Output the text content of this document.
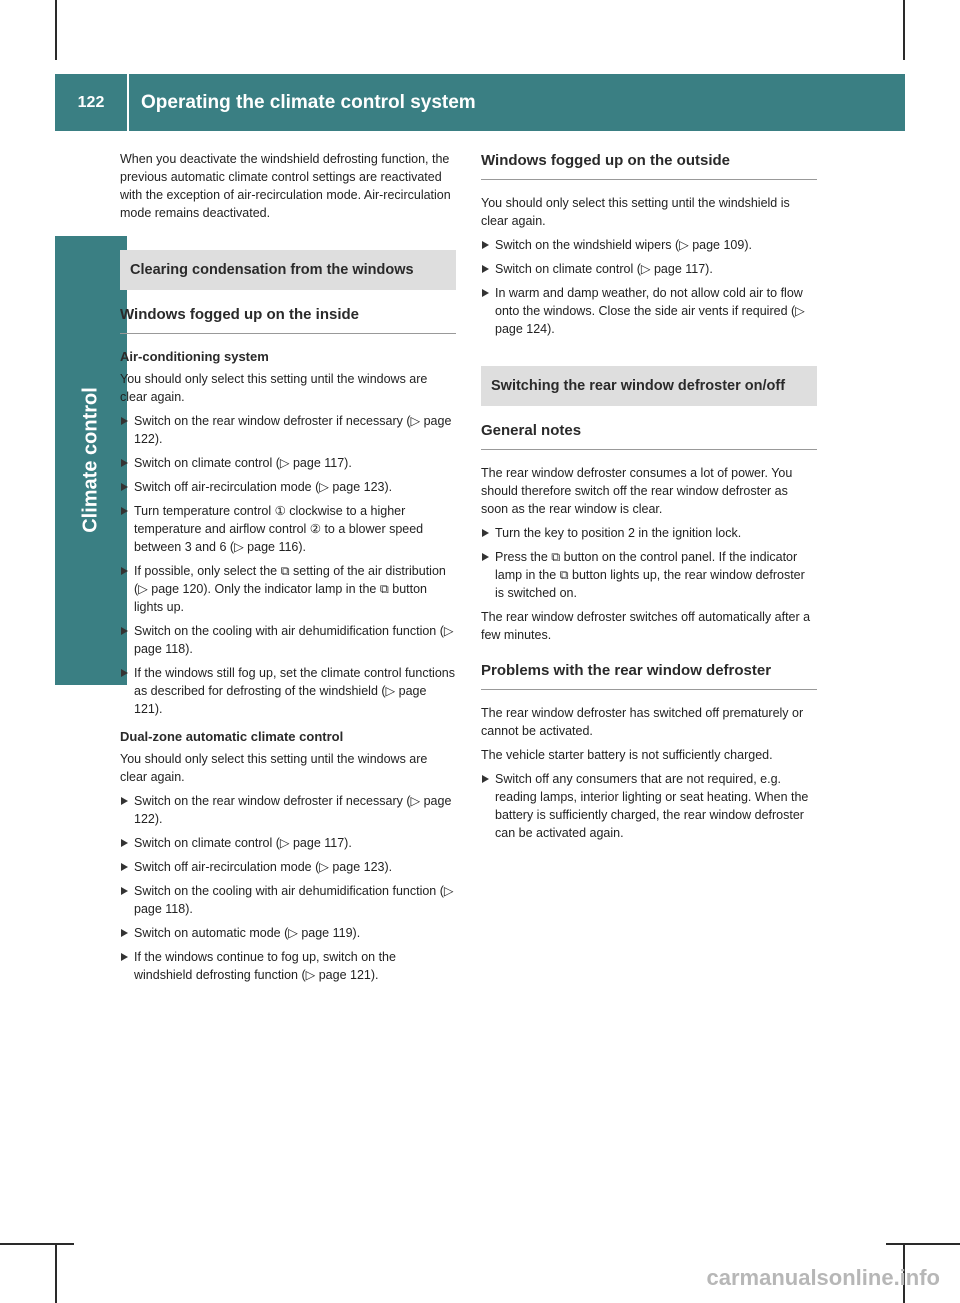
122	Operating the climate control system
Climate control

When you deactivate the windshield defrosting function, the previous automatic climate control settings are reactivated with the exception of air-recirculation mode. Air-recirculation mode remains deactivated.

Clearing condensation from the windows
Windows fogged up on the inside
Air-conditioning system

You should only select this setting until the windows are clear again.

Switch on the rear window defroster if necessary (▷ page 122).
Switch on climate control (▷ page 117).
Switch off air-recirculation mode (▷ page 123).
Turn temperature control ① clockwise to a higher temperature and airflow control ② to a blower speed between 3 and 6 (▷ page 116).
If possible, only select the ⧉ setting of the air distribution (▷ page 120). Only the indicator lamp in the ⧉ button lights up.
Switch on the cooling with air dehumidification function (▷ page 118).
If the windows still fog up, set the climate control functions as described for defrosting of the windshield (▷ page 121).
Dual-zone automatic climate control

You should only select this setting until the windows are clear again.

Switch on the rear window defroster if necessary (▷ page 122).
Switch on climate control (▷ page 117).
Switch off air-recirculation mode (▷ page 123).
Switch on the cooling with air dehumidification function (▷ page 118).
Switch on automatic mode (▷ page 119).
If the windows continue to fog up, switch on the windshield defrosting function (▷ page 121).
Windows fogged up on the outside

You should only select this setting until the windshield is clear again.

Switch on the windshield wipers (▷ page 109).
Switch on climate control (▷ page 117).
In warm and damp weather, do not allow cold air to flow onto the windows. Close the side air vents if required (▷ page 124).
Switching the rear window defroster on/off
General notes

The rear window defroster consumes a lot of power. You should therefore switch off the rear window defroster as soon as the rear window is clear.

Turn the key to position 2 in the ignition lock.
Press the ⧉ button on the control panel. If the indicator lamp in the ⧉ button lights up, the rear window defroster is switched on.

The rear window defroster switches off automatically after a few minutes.

Problems with the rear window defroster

The rear window defroster has switched off prematurely or cannot be activated.

The vehicle starter battery is not sufficiently charged.

Switch off any consumers that are not required, e.g. reading lamps, interior lighting or seat heating. When the battery is sufficiently charged, the rear window defroster can be activated again.
carmanualsonline.info
